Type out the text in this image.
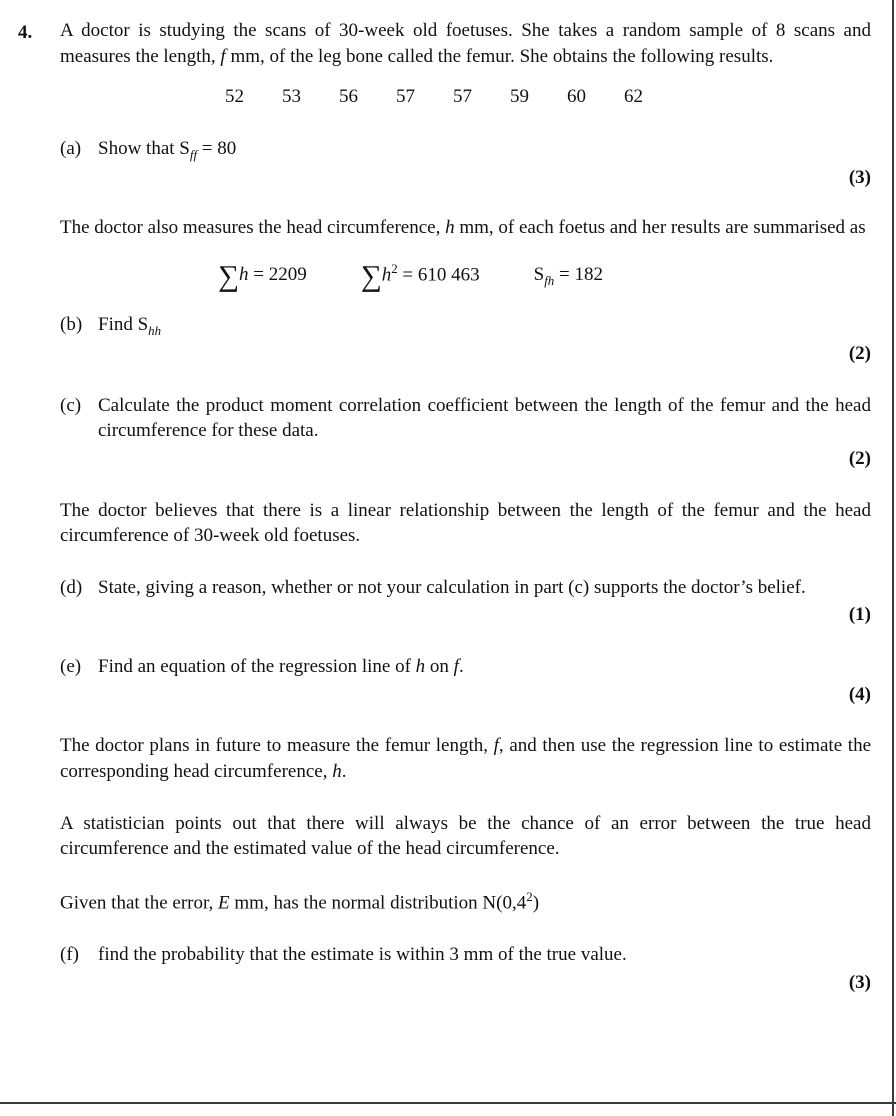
4. A doctor is studying the scans of 30-week old foetuses. She takes a random sample of 8 scans and measures the length, f mm, of the leg bone called the femur. She obtains the following results.

52 53 56 57 57 59 60 62
(a) Show that $S_{ff} = 80$
(3)

The doctor also measures the head circumference, h mm, of each foetus and her results are summarised as

∑h = 2209 $\sum h^2 = 610$ 463	$S_{fh} = 182$
(b) Find $S_{hh}$
(2)
(c) Calculate the product moment correlation coefficient between the length of the femur and the head circumference for these data.
(2)

The doctor believes that there is a linear relationship between the length of the femur and the head circumference of 30-week old foetuses.

(d) State, giving a reason, whether or not your calculation in part (c) supports the doctor’s belief.
(1)
(e) Find an equation of the regression line of h on f.
(4)

The doctor plans in future to measure the femur length, f, and then use the regression line to estimate the corresponding head circumference, h.

A statistician points out that there will always be the chance of an error between the true head circumference and the estimated value of the head circumference.

Given that the error, E mm, has the normal distribution $N(0,4^2)$

(f)	find the probability that the estimate is within 3 mm of the true value.
(3)
